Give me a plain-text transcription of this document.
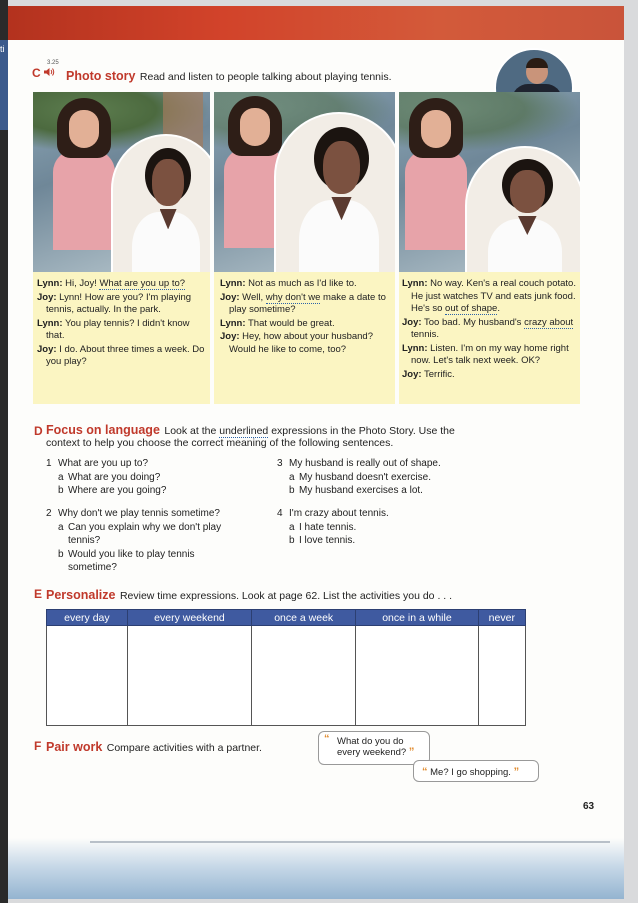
ti
3.25
C Photo story Read and listen to people talking about playing tennis.

Lynn: Hi, Joy! What are you up to?

Joy: Lynn! How are you? I'm playing tennis, actually. In the park.

Lynn: You play tennis? I didn't know that.

Joy: I do. About three times a week. Do you play?

Lynn: Not as much as I'd like to.

Joy: Well, why don't we make a date to play sometime?

Lynn: That would be great.

Joy: Hey, how about your husband? Would he like to come, too?

Lynn: No way. Ken's a real couch potato. He just watches TV and eats junk food. He's so out of shape.

Joy: Too bad. My husband's crazy about tennis.

Lynn: Listen. I'm on my way home right now. Let's talk next week. OK?

Joy: Terrific.

D Focus on language Look at the underlined expressions in the Photo Story. Use the
context to help you choose the correct meaning of the following sentences.
1 What are you up to?
a What are you doing?
b Where are you going?
2 Why don't we play tennis sometime?
a Can you explain why we don't play
tennis?
b Would you like to play tennis
sometime?
3 My husband is really out of shape.
a My husband doesn't exercise.
b My husband exercises a lot.
4 I'm crazy about tennis.
a I hate tennis.
b I love tennis.
E Personalize Review time expressions. Look at page 62. List the activities you do . . .
every day	every weekend	once a week	once in a while	never

F Pair work Compare activities with a partner.
“ What do you do
every weekend? ”
“ Me? I go shopping. ”
63
